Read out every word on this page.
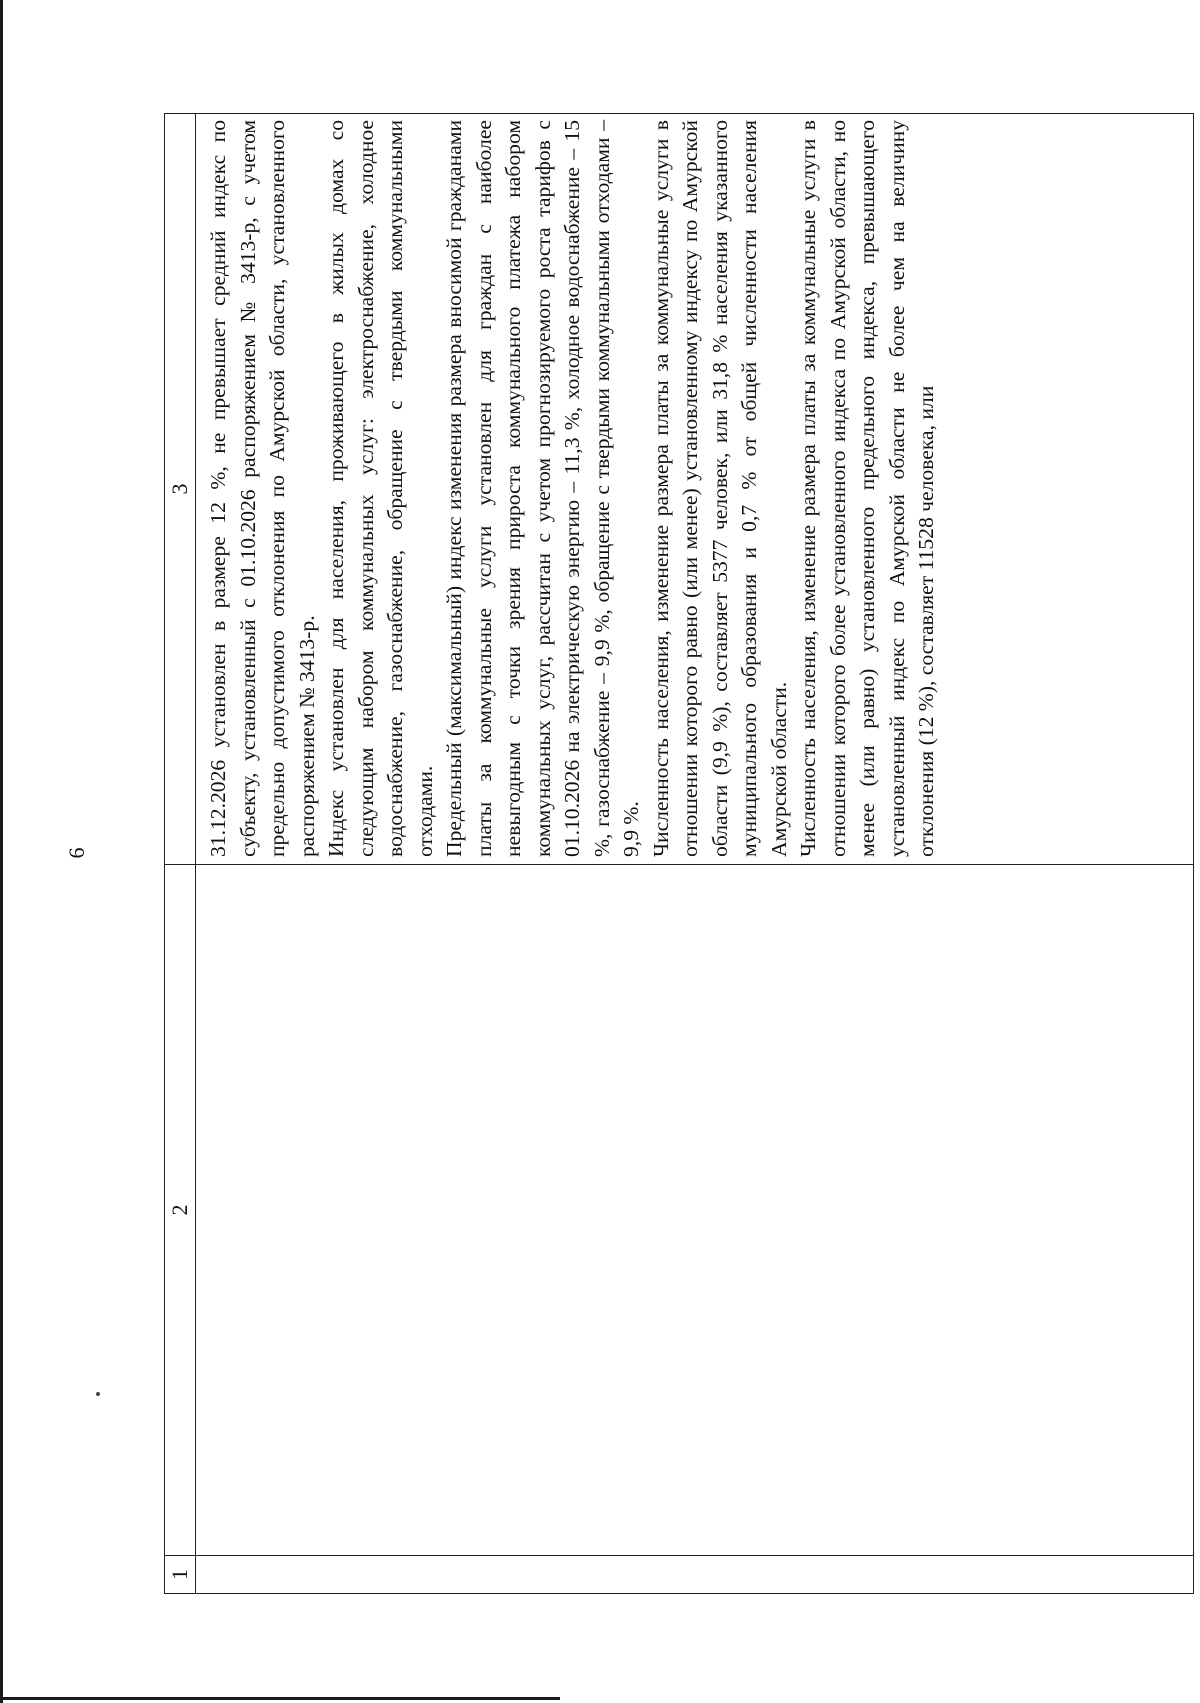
6
1	2	3

		31.12.2026 установлен в размере 12 %, не превышает средний индекс по субъекту, установленный с 01.10.2026 распоряжением № 3413-р, с учетом предельно допустимого отклонения по Амурской области, установленного распоряжением № 3413-р. Индекс установлен для населения, проживающего в жилых домах со следующим набором коммунальных услуг: электроснабжение, холодное водоснабжение, газоснабжение, обращение с твердыми коммунальными отходами. Предельный (максимальный) индекс изменения размера вносимой гражданами платы за коммунальные услуги установлен для граждан с наиболее невыгодным с точки зрения прироста коммунального платежа набором коммунальных услуг, рассчитан с учетом прогнозируемого роста тарифов с 01.10.2026 на электрическую энергию – 11,3 %, холодное водоснабжение – 15 %, газоснабжение – 9,9 %, обращение с твердыми коммунальными отходами – 9,9 %. Численность населения, изменение размера платы за коммунальные услуги в отношении которого равно (или менее) установленному индексу по Амурской области (9,9 %), составляет 5377 человек, или 31,8 % населения указанного муниципального образования и 0,7 % от общей численности населения Амурской области. Численность населения, изменение размера платы за коммунальные услуги в отношении которого более установленного индекса по Амурской области, но менее (или равно) установленного предельного индекса, превышающего установленный индекс по Амурской области не более чем на величину отклонения (12 %), составляет 11528 человека, или
